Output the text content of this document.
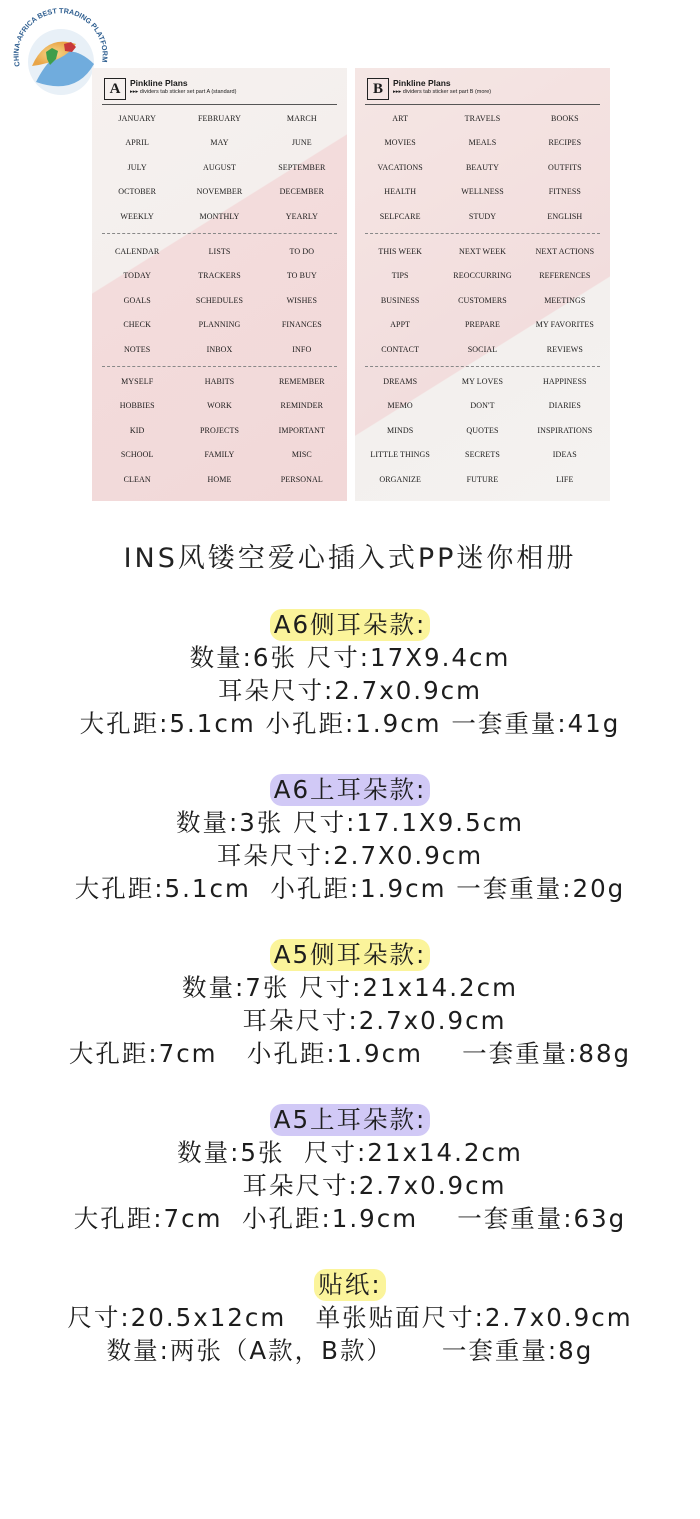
CHINA-AFRICA BEST TRADING PLATFORM
A	Pinkline Plans
▸▸▸ dividers tab sticker set part A (standard)
JANUARY	FEBRUARY	MARCH
APRIL	MAY	JUNE
JULY	AUGUST	SEPTEMBER
OCTOBER	NOVEMBER	DECEMBER
WEEKLY	MONTHLY	YEARLY
CALENDAR	LISTS	TO DO
TODAY	TRACKERS	TO BUY
GOALS	SCHEDULES	WISHES
CHECK	PLANNING	FINANCES
NOTES	INBOX	INFO
MYSELF	HABITS	REMEMBER
HOBBIES	WORK	REMINDER
KID	PROJECTS	IMPORTANT
SCHOOL	FAMILY	MISC
CLEAN	HOME	PERSONAL
B	Pinkline Plans
▸▸▸ dividers tab sticker set part B (more)
ART	TRAVELS	BOOKS
MOVIES	MEALS	RECIPES
VACATIONS	BEAUTY	OUTFITS
HEALTH	WELLNESS	FITNESS
SELFCARE	STUDY	ENGLISH
THIS WEEK	NEXT WEEK	NEXT ACTIONS
TIPS	REOCCURRING	REFERENCES
BUSINESS	CUSTOMERS	MEETINGS
APPT	PREPARE	MY FAVORITES
CONTACT	SOCIAL	REVIEWS
DREAMS	MY LOVES	HAPPINESS
MEMO	DON'T	DIARIES
MINDS	QUOTES	INSPIRATIONS
LITTLE THINGS	SECRETS	IDEAS
ORGANIZE	FUTURE	LIFE
INS风镂空爱心插入式PP迷你相册
A6侧耳朵款:
数量:6张 尺寸:17X9.4cm
耳朵尺寸:2.7x0.9cm
大孔距:5.1cm 小孔距:1.9cm 一套重量:41g
A6上耳朵款:
数量:3张 尺寸:17.1X9.5cm
耳朵尺寸:2.7X0.9cm
大孔距:5.1cm  小孔距:1.9cm 一套重量:20g
A5侧耳朵款:
数量:7张 尺寸:21x14.2cm
耳朵尺寸:2.7x0.9cm
大孔距:7cm   小孔距:1.9cm    一套重量:88g
A5上耳朵款:
数量:5张  尺寸:21x14.2cm
耳朵尺寸:2.7x0.9cm
大孔距:7cm  小孔距:1.9cm    一套重量:63g
贴纸:
尺寸:20.5x12cm   单张贴面尺寸:2.7x0.9cm
数量:两张（A款，B款）     一套重量:8g
